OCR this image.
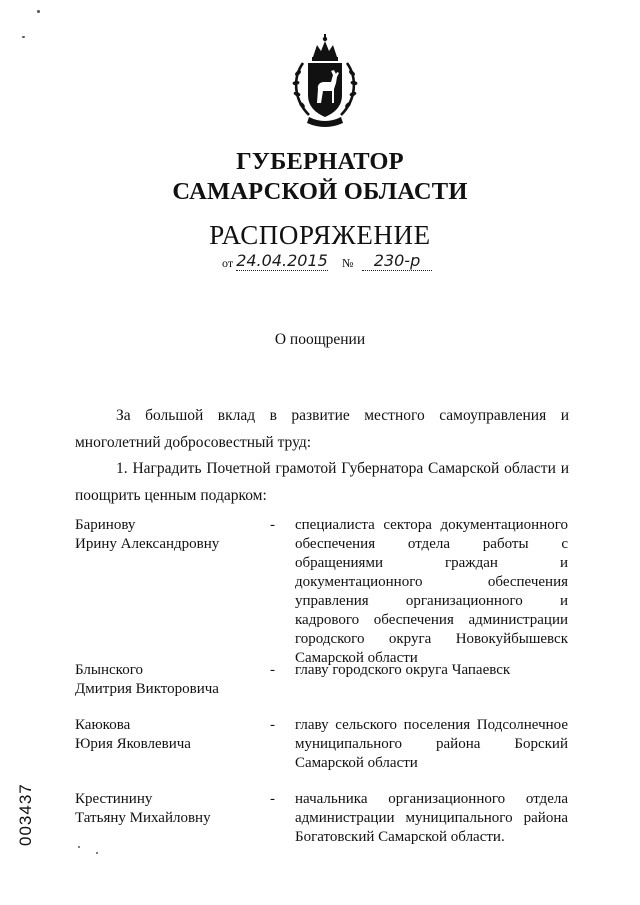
ГУБЕРНАТОР
САМАРСКОЙ ОБЛАСТИ
РАСПОРЯЖЕНИЕ
от 24.04.2015 №	230-р
О поощрении
За большой вклад в развитие местного самоуправления и многолетний добросовестный труд:
1. Наградить Почетной грамотой Губернатора Самарской области и поощрить ценным подарком:
Баринову
Ирину Александровну
- специалиста сектора документационного обеспечения отдела работы с обращениями граждан и документационного обеспечения управления организационного и кадрового обеспечения администрации городского округа Новокуйбышевск Самарской области
Блынского
Дмитрия Викторовича
- главу городского округа Чапаевск
Каюкова
Юрия Яковлевича
- главу сельского поселения Подсолнечное муниципального района Борский Самарской области
Крестинину
Татьяну Михайловну
- начальника организационного отдела администрации муниципального района Богатовский Самарской области.
003437
